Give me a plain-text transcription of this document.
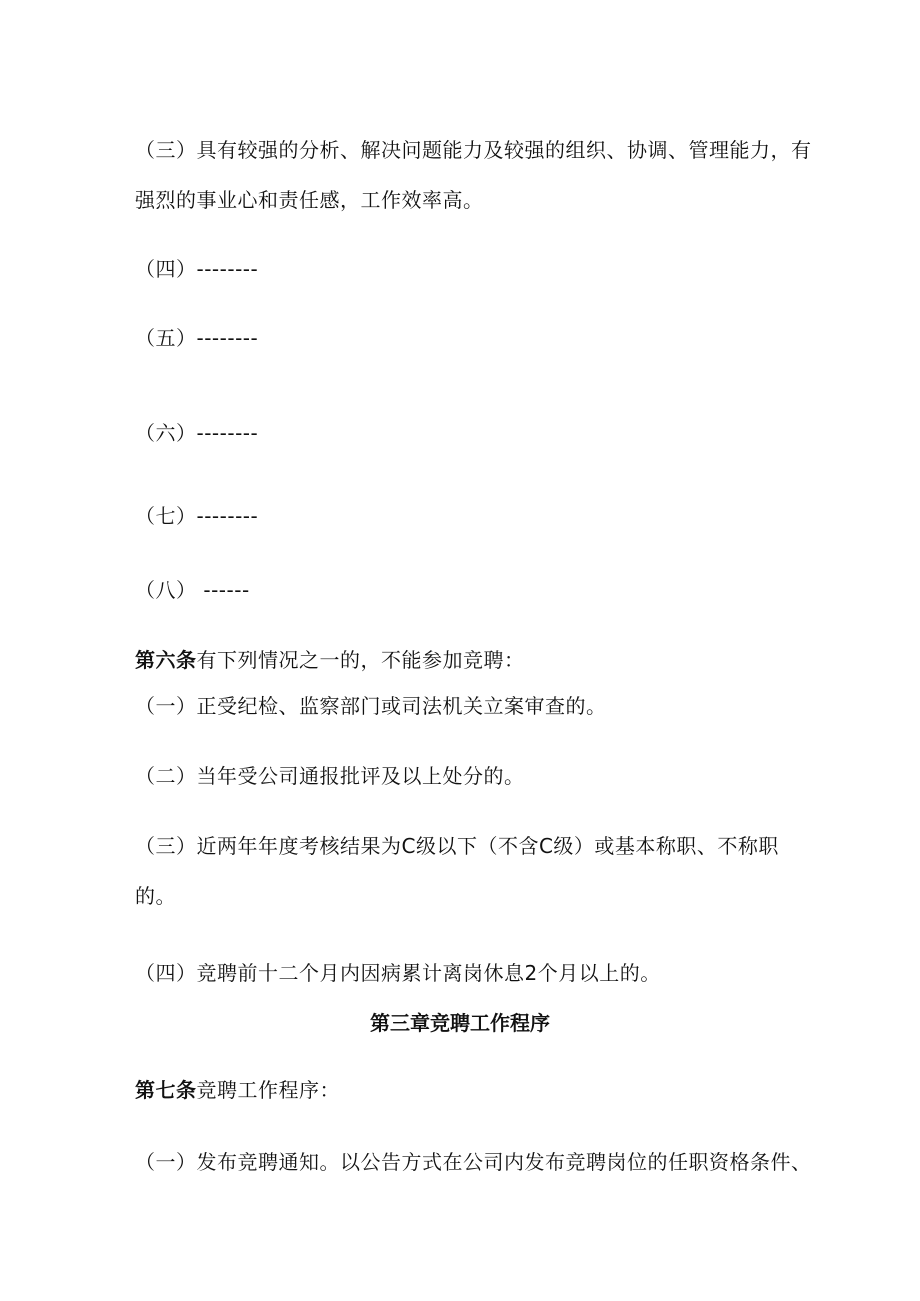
（三）具有较强的分析、解决问题能力及较强的组织、协调、管理能力，有
强烈的事业心和责任感，工作效率高。
（四）--------
（五）--------
（六）--------
（七）--------
（八） ------
第六条有下列情况之一的，不能参加竞聘：
（一）正受纪检、监察部门或司法机关立案审查的。
（二）当年受公司通报批评及以上处分的。
（三）近两年年度考核结果为C级以下（不含C级）或基本称职、不称职
的。
（四）竞聘前十二个月内因病累计离岗休息2个月以上的。
第三章竞聘工作程序
第七条竞聘工作程序：
（一）发布竞聘通知。以公告方式在公司内发布竞聘岗位的任职资格条件、
